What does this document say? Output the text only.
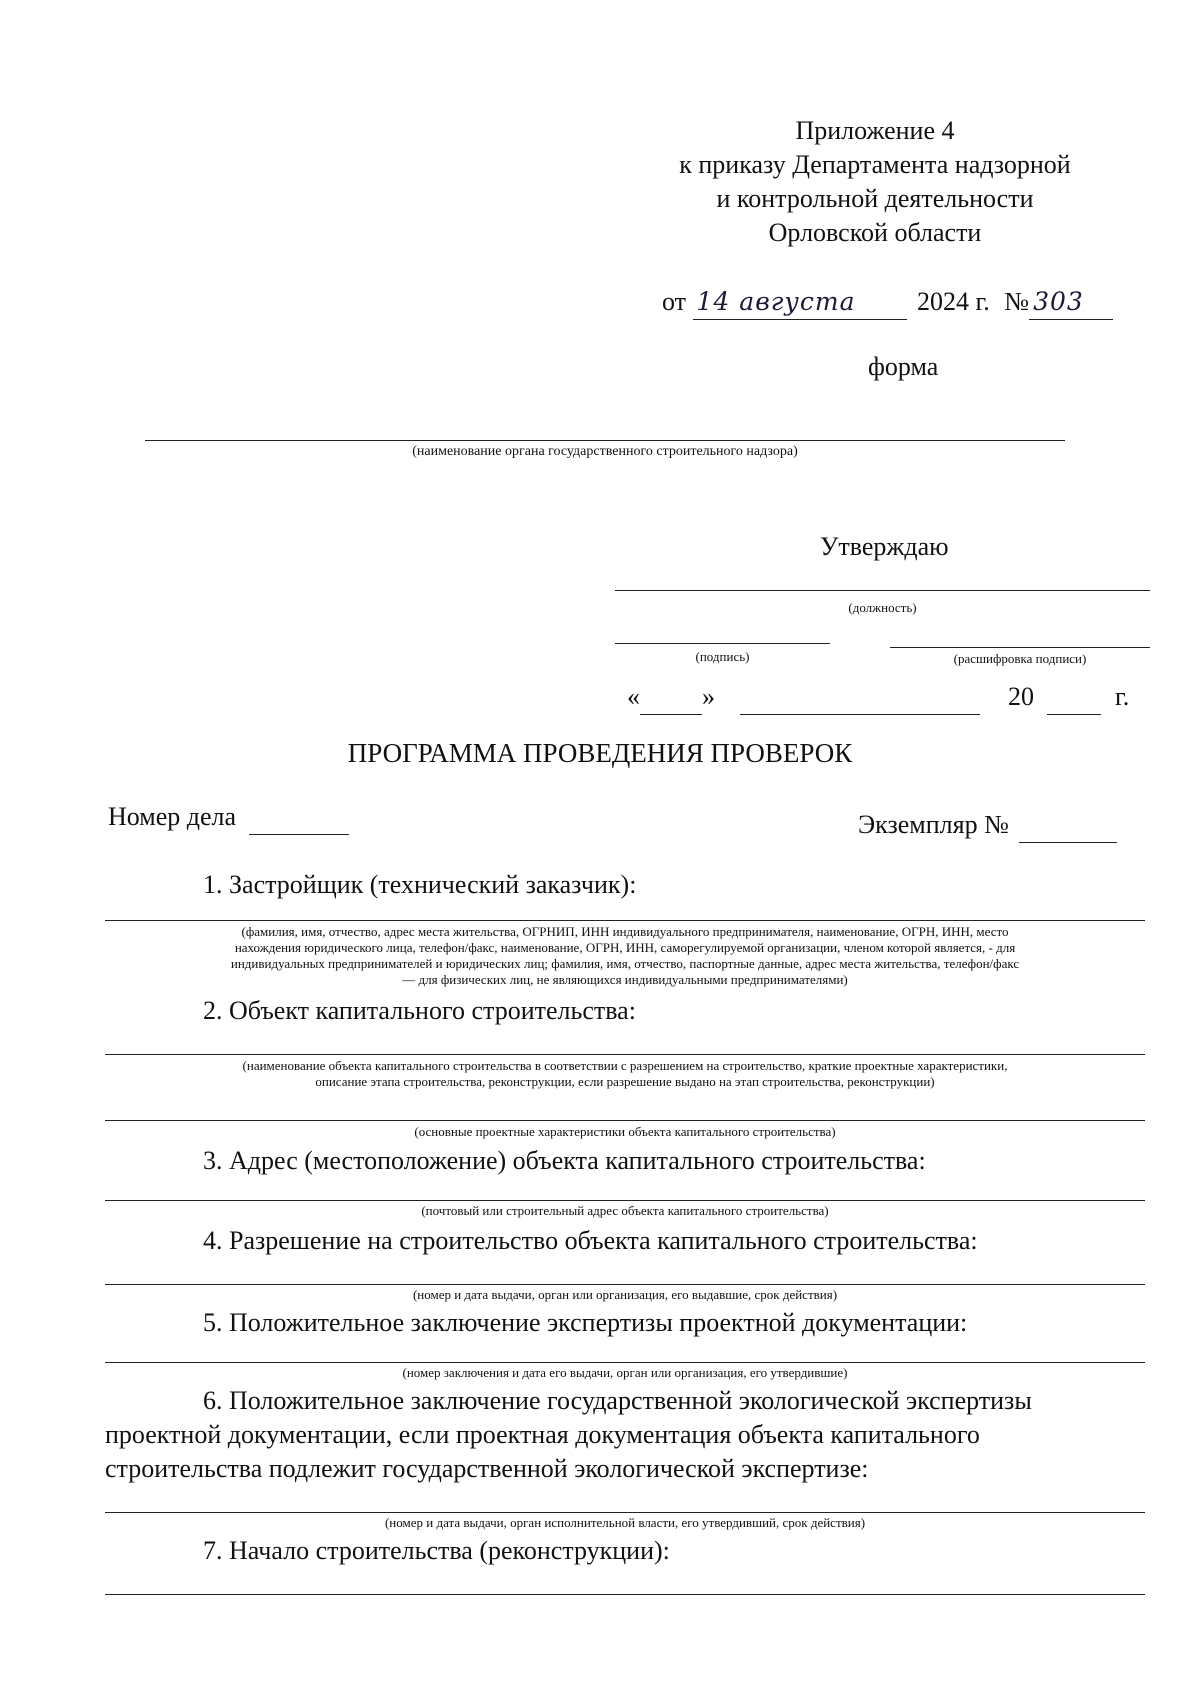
Приложение 4
к приказу Департамента надзорной
и контрольной деятельности
Орловской области
от 14 августа 2024 г. № 303
форма
(наименование органа государственного строительного надзора)
Утверждаю
(должность)
(подпись)	(расшифровка подписи)
« »	20	г.
ПРОГРАММА ПРОВЕДЕНИЯ ПРОВЕРОК
Номер дела	Экземпляр №
1. Застройщик (технический заказчик):
(фамилия, имя, отчество, адрес места жительства, ОГРНИП, ИНН индивидуального предпринимателя, наименование, ОГРН, ИНН, место
нахождения юридического лица, телефон/факс, наименование, ОГРН, ИНН, саморегулируемой организации, членом которой является, - для
индивидуальных предпринимателей и юридических лиц; фамилия, имя, отчество, паспортные данные, адрес места жительства, телефон/факс
— для физических лиц, не являющихся индивидуальными предпринимателями)
2. Объект капитального строительства:
(наименование объекта капитального строительства в соответствии с разрешением на строительство, краткие проектные характеристики,
описание этапа строительства, реконструкции, если разрешение выдано на этап строительства, реконструкции)
(основные проектные характеристики объекта капитального строительства)
3. Адрес (местоположение) объекта капитального строительства:
(почтовый или строительный адрес объекта капитального строительства)
4. Разрешение на строительство объекта капитального строительства:
(номер и дата выдачи, орган или организация, его выдавшие, срок действия)
5. Положительное заключение экспертизы проектной документации:
(номер заключения и дата его выдачи, орган или организация, его утвердившие)
6. Положительное заключение государственной экологической экспертизы
проектной документации, если проектная документация объекта капитального
строительства подлежит государственной экологической экспертизе:
(номер и дата выдачи, орган исполнительной власти, его утвердивший, срок действия)
7. Начало строительства (реконструкции):
